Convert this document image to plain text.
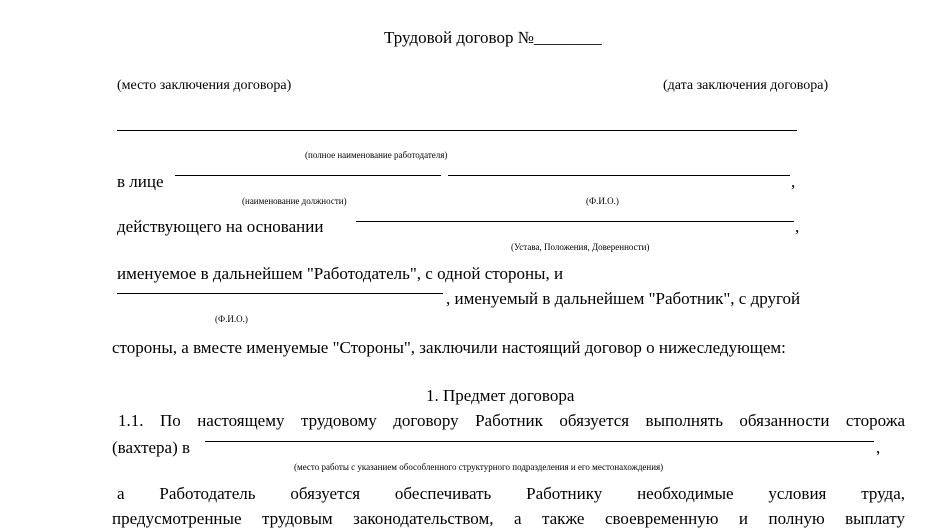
Трудовой договор №________
(место заключения договора)	(дата заключения договора)
(полное наименование работодателя)
в лице	,
(наименование должности)	(Ф.И.О.)
действующего на основании	,
(Устава, Положения, Доверенности)
именуемое в дальнейшем "Работодатель", с одной стороны, и
, именуемый в дальнейшем "Работник", с другой
(Ф.И.О.)
стороны, а вместе именуемые "Стороны", заключили настоящий договор о нижеследующем:
1. Предмет договора
1.1. По настоящему трудовому договору Работник обязуется выполнять обязанности сторожа
(вахтера) в	,
(место работы с указанием обособленного структурного подразделения и его местонахождения)
а Работодатель обязуется обеспечивать Работнику необходимые условия труда,
предусмотренные трудовым законодательством, а также своевременную и полную выплату
